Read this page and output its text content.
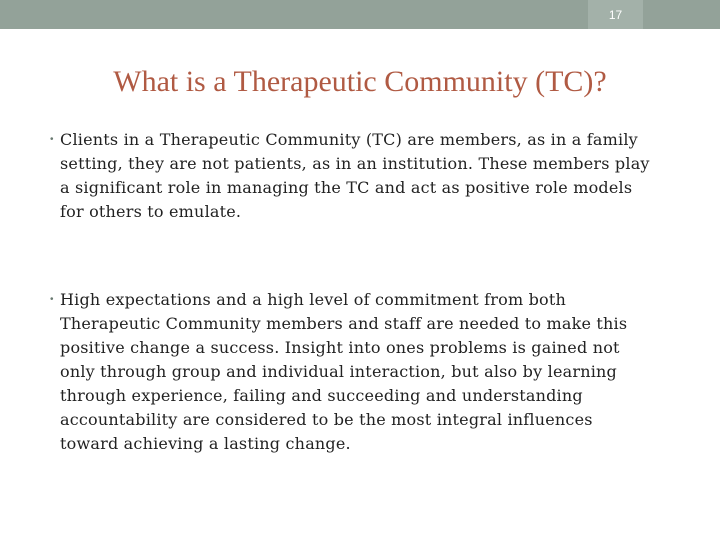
17
What is a Therapeutic Community (TC)?
• Clients in a Therapeutic Community (TC) are members, as in a family
setting, they are not patients, as in an institution. These members play
a significant role in managing the TC and act as positive role models
for others to emulate.
• High expectations and a high level of commitment from both
Therapeutic Community members and staff are needed to make this
positive change a success. Insight into ones problems is gained not
only through group and individual interaction, but also by learning
through experience, failing and succeeding and understanding
accountability are considered to be the most integral influences
toward achieving a lasting change.
